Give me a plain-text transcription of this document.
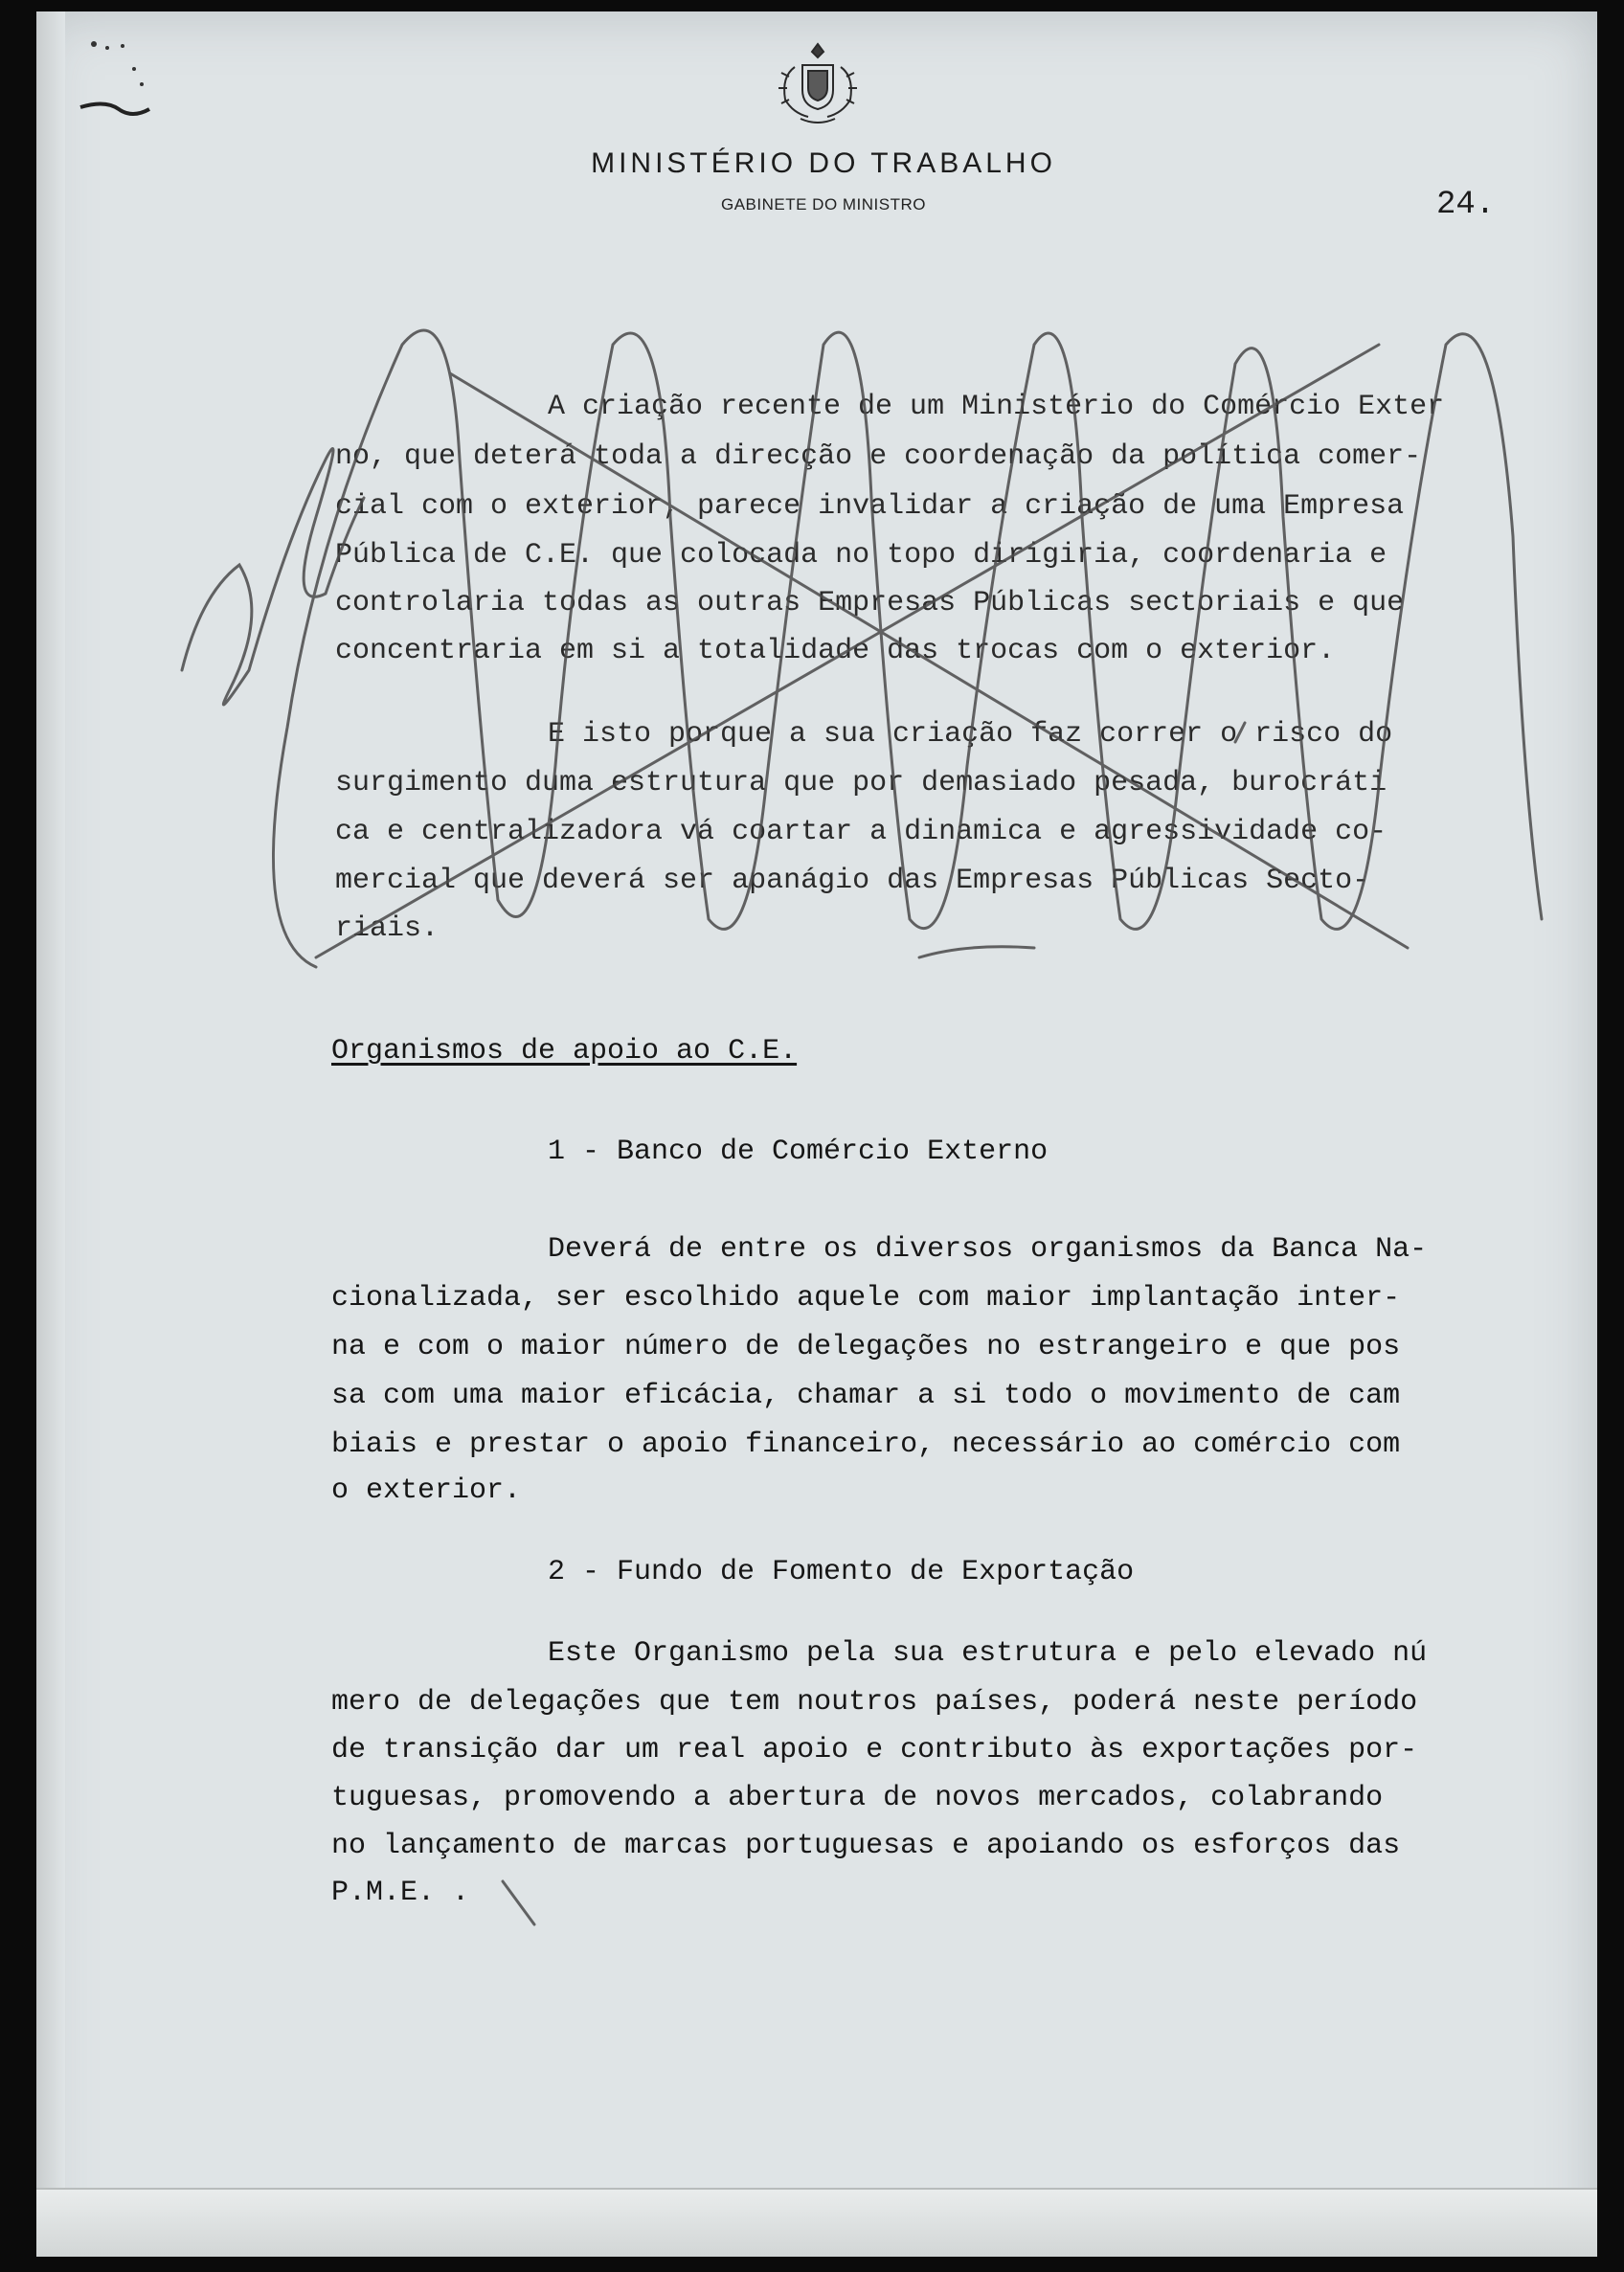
MINISTÉRIO DO TRABALHO
GABINETE DO MINISTRO	24.
A criação recente de um Ministério do Comércio Exter
no, que deterá toda a direcção e coordenação da política comer-
cial com o exterior, parece invalidar a criação de uma Empresa
Pública de C.E. que colocada no topo dirigiria, coordenaria e
controlaria todas as outras Empresas Públicas sectoriais e que
concentraria em si a totalidade das trocas com o exterior.
E isto porque a sua criação faz correr o risco do
surgimento duma estrutura que por demasiado pesada, burocráti
ca e centralizadora vá coartar a dinamica e agressividade co-
mercial que deverá ser apanágio das Empresas Públicas Secto-
riais.
Organismos de apoio ao C.E.
1 - Banco de Comércio Externo
Deverá de entre os diversos organismos da Banca Na-
cionalizada, ser escolhido aquele com maior implantação inter-
na e com o maior número de delegações no estrangeiro e que pos
sa com uma maior eficácia, chamar a si todo o movimento de cam
biais e prestar o apoio financeiro, necessário ao comércio com
o exterior.
2 - Fundo de Fomento de Exportação
Este Organismo pela sua estrutura e pelo elevado nú
mero de delegações que tem noutros países, poderá neste período
de transição dar um real apoio e contributo às exportações por-
tuguesas, promovendo a abertura de novos mercados, colabrando
no lançamento de marcas portuguesas e apoiando os esforços das
P.M.E. .
